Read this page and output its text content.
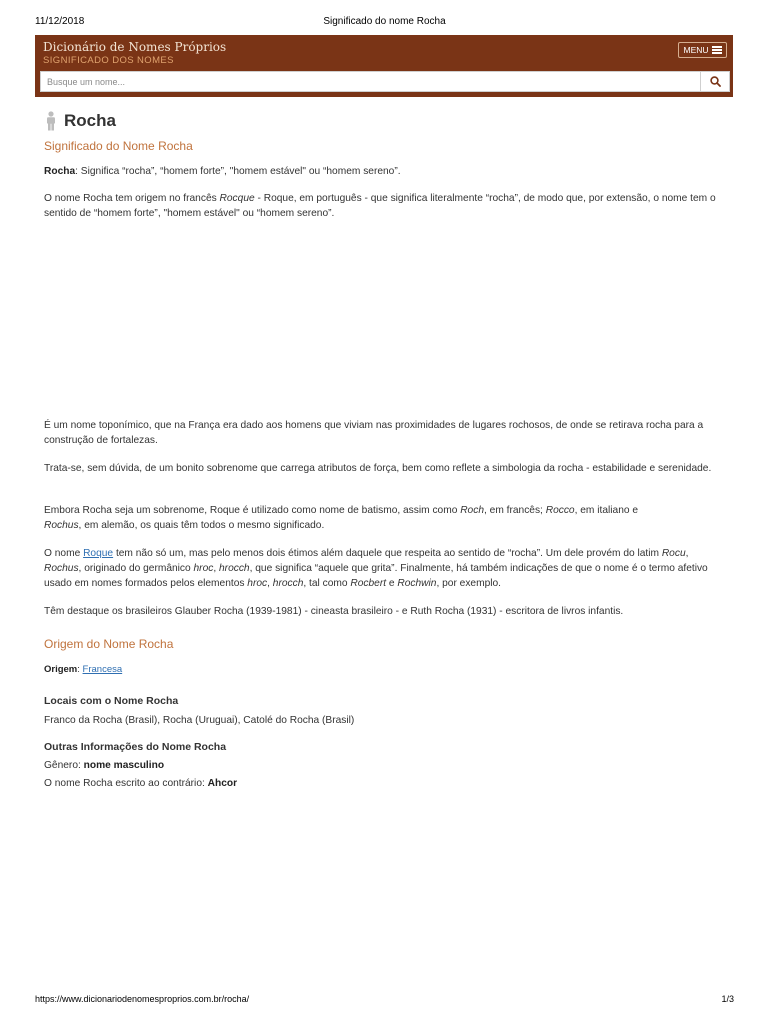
11/12/2018	Significado do nome Rocha
Dicionário de Nomes Próprios
SIGNIFICADO DOS NOMES
MENU
Busque um nome...
Rocha
Significado do Nome Rocha

Rocha: Significa “rocha”, “homem forte”, "homem estável" ou “homem sereno”.

O nome Rocha tem origem no francês Rocque - Roque, em português - que significa literalmente “rocha”, de modo que, por extensão, o nome tem o sentido de “homem forte”, "homem estável" ou “homem sereno”.

É um nome toponímico, que na França era dado aos homens que viviam nas proximidades de lugares rochosos, de onde se retirava rocha para a construção de fortalezas.

Trata-se, sem dúvida, de um bonito sobrenome que carrega atributos de força, bem como reflete a simbologia da rocha - estabilidade e serenidade.

Embora Rocha seja um sobrenome, Roque é utilizado como nome de batismo, assim como Roch, em francês; Rocco, em italiano e
Rochus, em alemão, os quais têm todos o mesmo significado.

O nome Roque tem não só um, mas pelo menos dois étimos além daquele que respeita ao sentido de “rocha”. Um dele provém do latim Rocu, Rochus, originado do germânico hroc, hrocch, que significa “aquele que grita”. Finalmente, há também indicações de que o nome é o termo afetivo usado em nomes formados pelos elementos hroc, hrocch, tal como Rocbert e Rochwin, por exemplo.

Têm destaque os brasileiros Glauber Rocha (1939-1981) - cineasta brasileiro - e Ruth Rocha (1931) - escritora de livros infantis.

Origem do Nome Rocha

Origem: Francesa

Locais com o Nome Rocha

Franco da Rocha (Brasil), Rocha (Uruguai), Catolé do Rocha (Brasil)

Outras Informações do Nome Rocha

Gênero: nome masculino

O nome Rocha escrito ao contrário: Ahcor

https://www.dicionariodenomesproprios.com.br/rocha/	1/3
